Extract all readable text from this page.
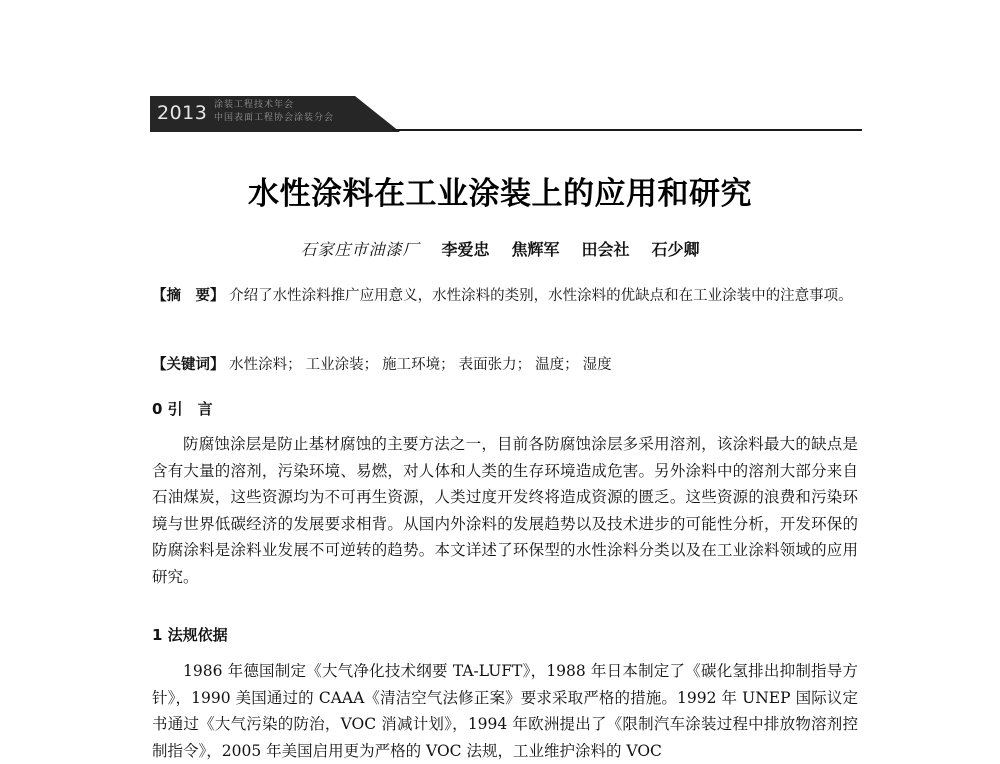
2013 涂装工程技术年会
中国表面工程协会涂装分会
水性涂料在工业涂装上的应用和研究
石家庄市油漆厂 李爱忠 焦辉军 田会社 石少卿
【摘　要】 介绍了水性涂料推广应用意义，水性涂料的类别，水性涂料的优缺点和在工业涂装中的注意事项。
【关键词】 水性涂料； 工业涂装； 施工环境； 表面张力； 温度； 湿度
0 引　言
防腐蚀涂层是防止基材腐蚀的主要方法之一，目前各防腐蚀涂层多采用溶剂，该涂料最大的缺点是含有大量的溶剂，污染环境、易燃，对人体和人类的生存环境造成危害。另外涂料中的溶剂大部分来自石油煤炭，这些资源均为不可再生资源，人类过度开发终将造成资源的匮乏。这些资源的浪费和污染环境与世界低碳经济的发展要求相背。从国内外涂料的发展趋势以及技术进步的可能性分析，开发环保的防腐涂料是涂料业发展不可逆转的趋势。本文详述了环保型的水性涂料分类以及在工业涂料领域的应用研究。
1 法规依据
1986 年德国制定《大气净化技术纲要 TA-LUFT》，1988 年日本制定了《碳化氢排出抑制指导方针》，1990 美国通过的 CAAA《清洁空气法修正案》要求采取严格的措施。1992 年 UNEP 国际议定书通过《大气污染的防治，VOC 消减计划》，1994 年欧洲提出了《限制汽车涂装过程中排放物溶剂控制指令》，2005 年美国启用更为严格的 VOC 法规，工业维护涂料的 VOC
